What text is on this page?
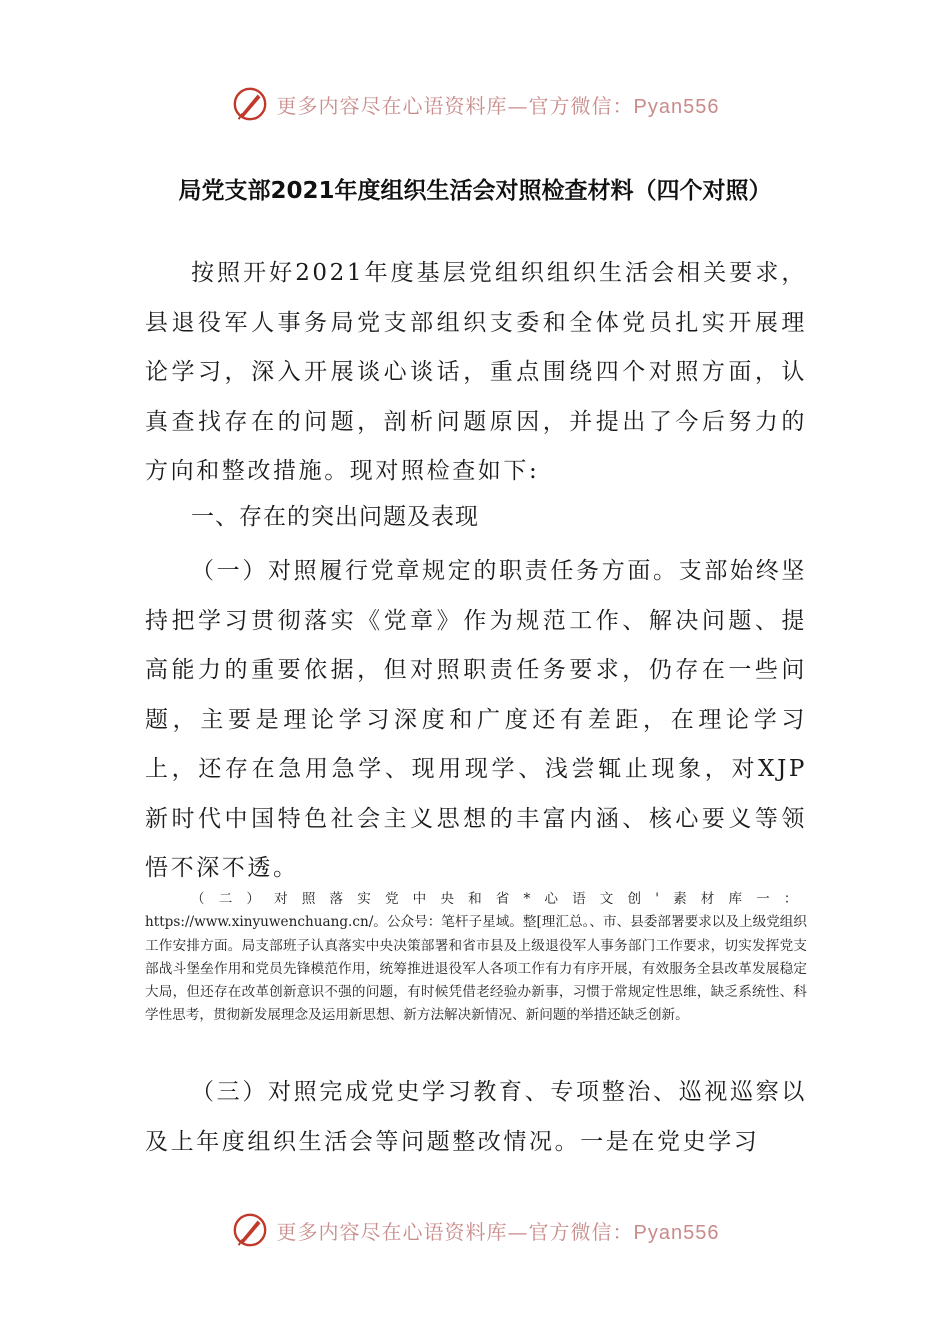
更多内容尽在心语资料库—官方微信：Pyan556
局党支部2021年度组织生活会对照检查材料（四个对照）

按照开好2021年度基层党组织组织生活会相关要求，县退役军人事务局党支部组织支委和全体党员扎实开展理论学习，深入开展谈心谈话，重点围绕四个对照方面，认真查找存在的问题，剖析问题原因，并提出了今后努力的方向和整改措施。现对照检查如下:

一、存在的突出问题及表现

（一）对照履行党章规定的职责任务方面。支部始终坚持把学习贯彻落实《党章》作为规范工作、解决问题、提高能力的重要依据，但对照职责任务要求，仍存在一些问题，主要是理论学习深度和广度还有差距，在理论学习上，还存在急用急学、现用现学、浅尝辄止现象，对XJP新时代中国特色社会主义思想的丰富内涵、核心要义等领悟不深不透。

（二）对照落实党中央和省*心语文创'素材库一：https://www.xinyuwenchuang.cn/。公众号：笔杆子星域。整[理汇总。、市、县委部署要求以及上级党组织工作安排方面。局支部班子认真落实中央决策部署和省市县及上级退役军人事务部门工作要求，切实发挥党支部战斗堡垒作用和党员先锋模范作用，统筹推进退役军人各项工作有力有序开展，有效服务全县改革发展稳定大局，但还存在改革创新意识不强的问题，有时候凭借老经验办新事，习惯于常规定性思维，缺乏系统性、科学性思考，贯彻新发展理念及运用新思想、新方法解决新情况、新问题的举措还缺乏创新。

（三）对照完成党史学习教育、专项整治、巡视巡察以及上年度组织生活会等问题整改情况。一是在党史学习

更多内容尽在心语资料库—官方微信：Pyan556
